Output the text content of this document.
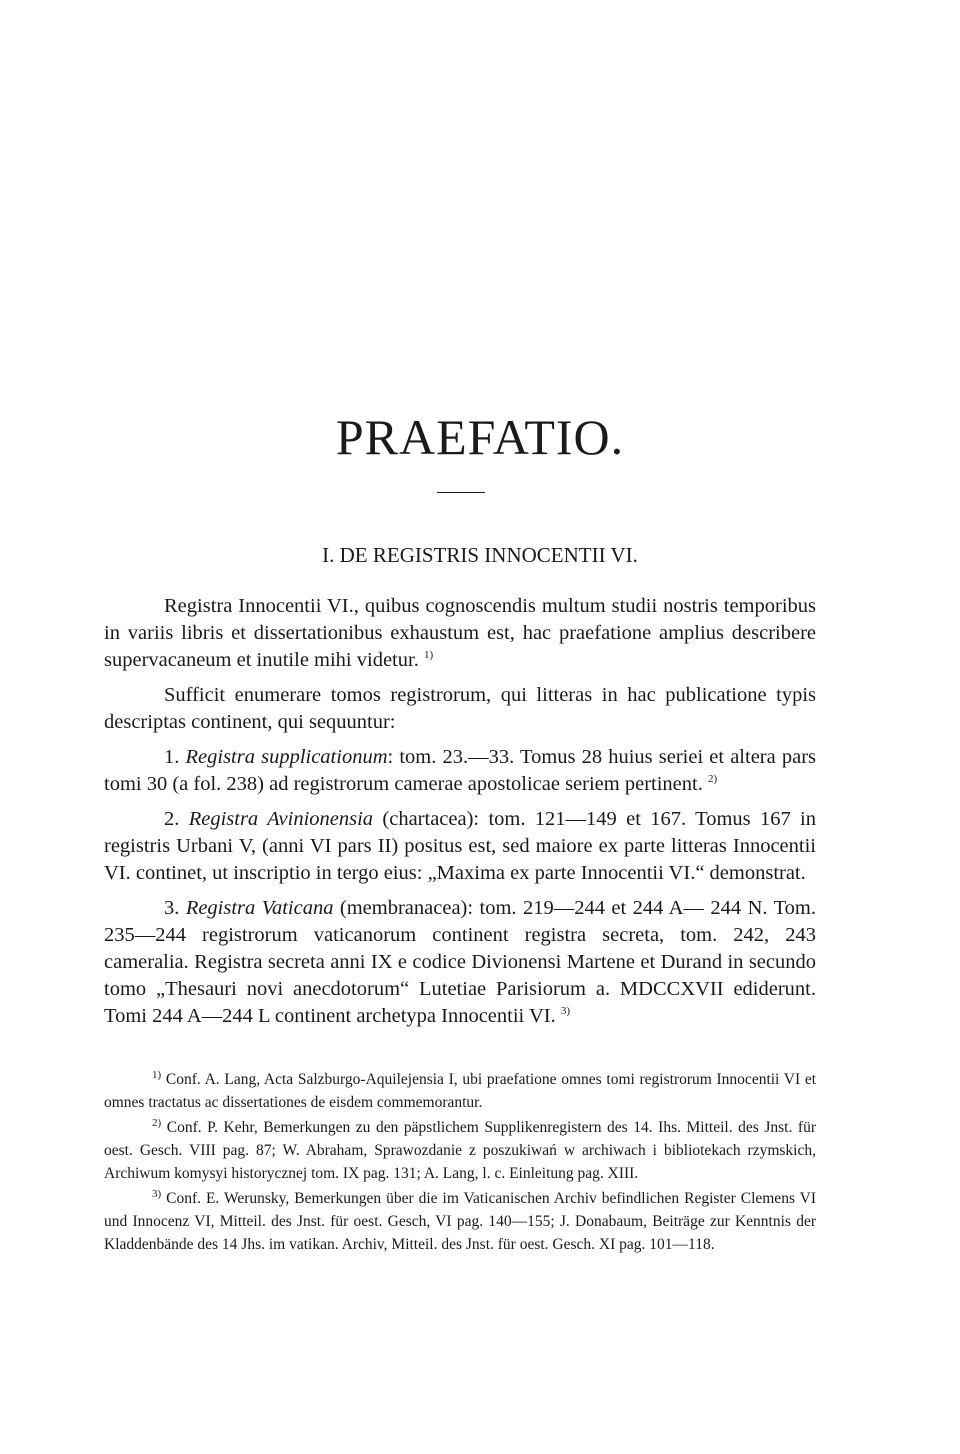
PRAEFATIO.
I. DE REGISTRIS INNOCENTII VI.

Registra Innocentii VI., quibus cognoscendis multum studii nostris temporibus in variis libris et dissertationibus exhaustum est, hac praefatione amplius describere supervacaneum et inutile mihi videtur. $^{1)}$

Sufficit enumerare tomos registrorum, qui litteras in hac publicatione typis descriptas continent, qui sequuntur:

1. Registra supplicationum: tom. 23.—33. Tomus 28 huius seriei et altera pars tomi 30 (a fol. 238) ad registrorum camerae apostolicae seriem pertinent. $^{2)}$

2. Registra Avinionensia (chartacea): tom. 121—149 et 167. Tomus 167 in registris Urbani V, (anni VI pars II) positus est, sed maiore ex parte litteras Innocentii VI. continet, ut inscriptio in tergo eius: „Maxima ex parte Innocentii VI.“ demonstrat.

3. Registra Vaticana (membranacea): tom. 219—244 et 244 A— 244 N. Tom. 235—244 registrorum vaticanorum continent registra secreta, tom. 242, 243 cameralia. Registra secreta anni IX e codice Divionensi Martene et Durand in secundo tomo „Thesauri novi anecdotorum“ Lutetiae Parisiorum a. MDCCXVII ediderunt. Tomi 244 A—244 L continent archetypa Innocentii VI. $^{3)}$

$^{1)}$ Conf. A. Lang, Acta Salzburgo-Aquilejensia I, ubi praefatione omnes tomi registrorum Innocentii VI et omnes tractatus ac dissertationes de eisdem commemorantur.

$^{2)}$ Conf. P. Kehr, Bemerkungen zu den päpstlichem Supplikenregistern des 14. Ihs. Mitteil. des Jnst. für oest. Gesch. VIII pag. 87; W. Abraham, Sprawozdanie z poszukiwań w archiwach i bibliotekach rzymskich, Archiwum komysyi historycznej tom. IX pag. 131; A. Lang, l. c. Einleitung pag. XIII.

$^{3)}$ Conf. E. Werunsky, Bemerkungen über die im Vaticanischen Archiv befindlichen Register Clemens VI und Innocenz VI, Mitteil. des Jnst. für oest. Gesch, VI pag. 140—155; J. Donabaum, Beiträge zur Kenntnis der Kladdenbände des 14 Jhs. im vatikan. Archiv, Mitteil. des Jnst. für oest. Gesch. XI pag. 101—118.
